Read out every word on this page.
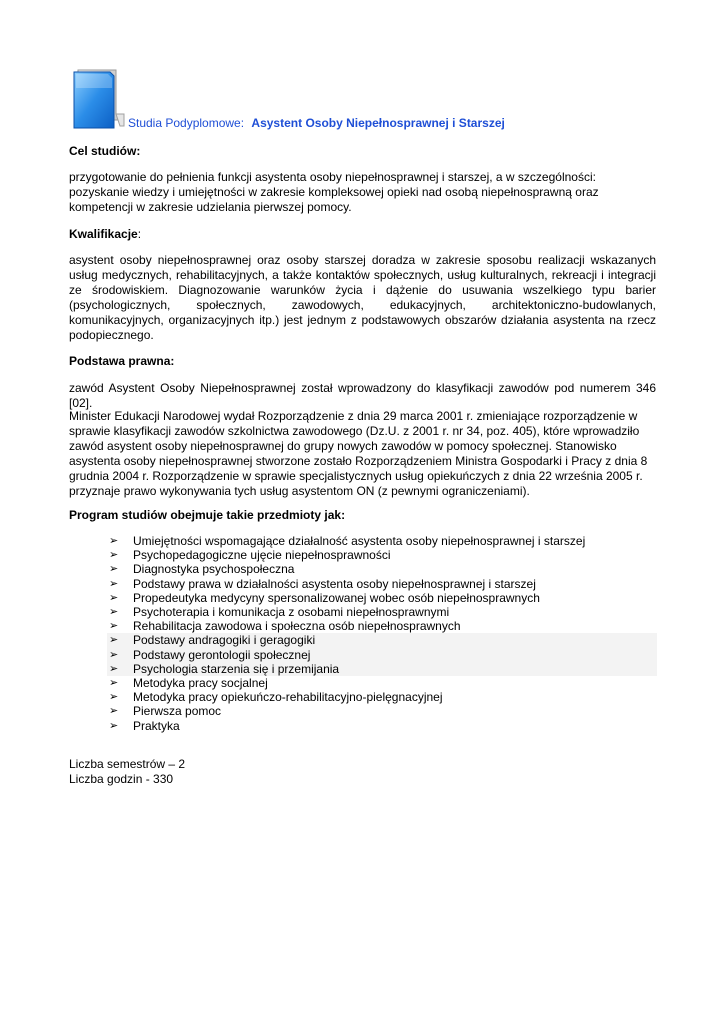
Studia Podyplomowe: Asystent Osoby Niepełnosprawnej i Starszej
Cel studiów:

przygotowanie do pełnienia funkcji asystenta osoby niepełnosprawnej i starszej, a w szczególności:

pozyskanie wiedzy i umiejętności w zakresie kompleksowej opieki nad osobą niepełnosprawną oraz

kompetencji w zakresie udzielania pierwszej pomocy.

Kwalifikacje:

asystent osoby niepełnosprawnej oraz osoby starszej doradza w zakresie sposobu realizacji wskazanych usług medycznych, rehabilitacyjnych, a także kontaktów społecznych, usług kulturalnych, rekreacji i integracji ze środowiskiem. Diagnozowanie warunków życia i dążenie do usuwania wszelkiego typu barier (psychologicznych, społecznych, zawodowych, edukacyjnych, architektoniczno-budowlanych, komunikacyjnych, organizacyjnych itp.) jest jednym z podstawowych obszarów działania asystenta na rzecz podopiecznego.

Podstawa prawna:

zawód Asystent Osoby Niepełnosprawnej został wprowadzony do klasyfikacji zawodów pod numerem 346 [02].

Minister Edukacji Narodowej wydał Rozporządzenie z dnia 29 marca 2001 r. zmieniające rozporządzenie w

sprawie klasyfikacji zawodów szkolnictwa zawodowego (Dz.U. z 2001 r. nr 34, poz. 405), które wprowadziło

zawód asystent osoby niepełnosprawnej do grupy nowych zawodów w pomocy społecznej. Stanowisko

asystenta osoby niepełnosprawnej stworzone zostało Rozporządzeniem Ministra Gospodarki i Pracy z dnia 8

grudnia 2004 r. Rozporządzenie w sprawie specjalistycznych usług opiekuńczych z dnia 22 września 2005 r.

przyznaje prawo wykonywania tych usług asystentom ON (z pewnymi ograniczeniami).

Program studiów obejmuje takie przedmioty jak:
➢ Umiejętności wspomagające działalność asystenta osoby niepełnosprawnej i starszej
➢ Psychopedagogiczne ujęcie niepełnosprawności
➢ Diagnostyka psychospołeczna
➢ Podstawy prawa w działalności asystenta osoby niepełnosprawnej i starszej
➢ Propedeutyka medycyny spersonalizowanej wobec osób niepełnosprawnych
➢ Psychoterapia i komunikacja z osobami niepełnosprawnymi
➢ Rehabilitacja zawodowa i społeczna osób niepełnosprawnych
➢ Podstawy andragogiki i geragogiki
➢ Podstawy gerontologii społecznej
➢ Psychologia starzenia się i przemijania
➢ Metodyka pracy socjalnej
➢ Metodyka pracy opiekuńczo-rehabilitacyjno-pielęgnacyjnej
➢ Pierwsza pomoc
➢ Praktyka
Liczba semestrów – 2
Liczba godzin - 330
